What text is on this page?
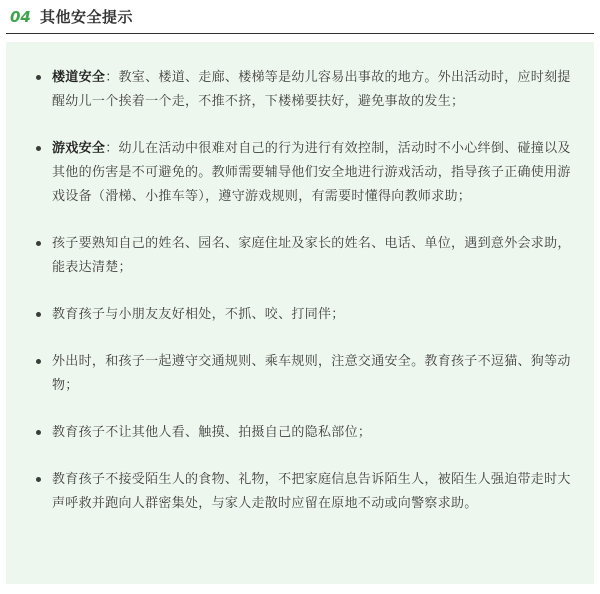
04 其他安全提示
楼道安全：教室、楼道、走廊、楼梯等是幼儿容易出事故的地方。外出活动时，应时刻提醒幼儿一个挨着一个走，不推不挤，下楼梯要扶好，避免事故的发生；
游戏安全：幼儿在活动中很难对自己的行为进行有效控制，活动时不小心绊倒、碰撞以及其他的伤害是不可避免的。教师需要辅导他们安全地进行游戏活动，指导孩子正确使用游戏设备（滑梯、小推车等），遵守游戏规则，有需要时懂得向教师求助；
孩子要熟知自己的姓名、园名、家庭住址及家长的姓名、电话、单位，遇到意外会求助，能表达清楚；
教育孩子与小朋友友好相处，不抓、咬、打同伴；
外出时，和孩子一起遵守交通规则、乘车规则，注意交通安全。教育孩子不逗猫、狗等动物；
教育孩子不让其他人看、触摸、拍摄自己的隐私部位；
教育孩子不接受陌生人的食物、礼物，不把家庭信息告诉陌生人，被陌生人强迫带走时大声呼救并跑向人群密集处，与家人走散时应留在原地不动或向警察求助。
